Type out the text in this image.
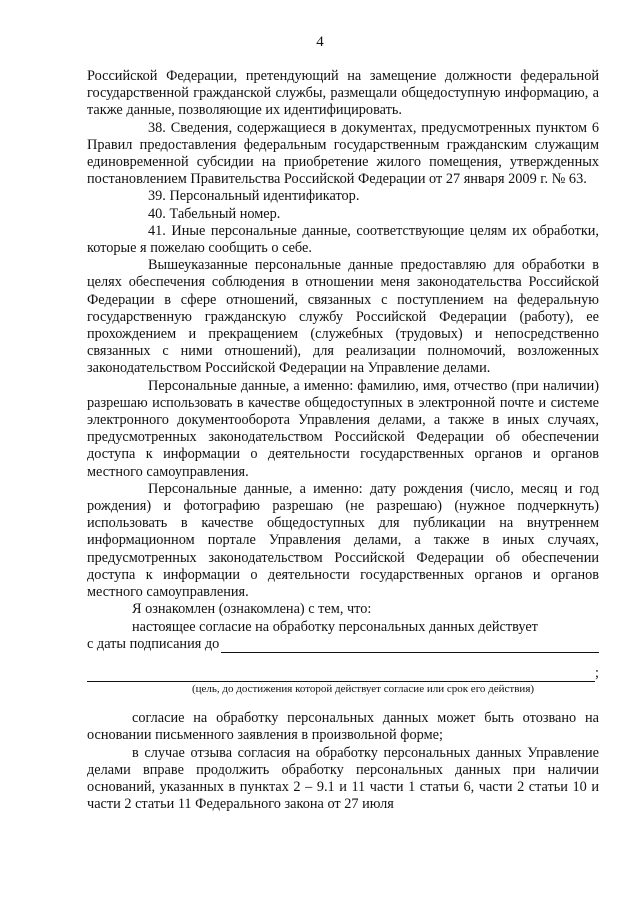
4

Российской Федерации, претендующий на замещение должности федеральной государственной гражданской службы, размещали общедоступную информацию, а также данные, позволяющие их идентифицировать.

38. Сведения, содержащиеся в документах, предусмотренных пунктом 6 Правил предоставления федеральным государственным гражданским служащим единовременной субсидии на приобретение жилого помещения, утвержденных постановлением Правительства Российской Федерации от 27 января 2009 г. № 63.

39. Персональный идентификатор.

40. Табельный номер.

41. Иные персональные данные, соответствующие целям их обработки, которые я пожелаю сообщить о себе.

Вышеуказанные персональные данные предоставляю для обработки в целях обеспечения соблюдения в отношении меня законодательства Российской Федерации в сфере отношений, связанных с поступлением на федеральную государственную гражданскую службу Российской Федерации (работу), ее прохождением и прекращением (служебных (трудовых) и непосредственно связанных с ними отношений), для реализации полномочий, возложенных законодательством Российской Федерации на Управление делами.

Персональные данные, а именно: фамилию, имя, отчество (при наличии) разрешаю использовать в качестве общедоступных в электронной почте и системе электронного документооборота Управления делами, а также в иных случаях, предусмотренных законодательством Российской Федерации об обеспечении доступа к информации о деятельности государственных органов и органов местного самоуправления.

Персональные данные, а именно: дату рождения (число, месяц и год рождения) и фотографию разрешаю (не разрешаю) (нужное подчеркнуть) использовать в качестве общедоступных для публикации на внутреннем информационном портале Управления делами, а также в иных случаях, предусмотренных законодательством Российской Федерации об обеспечении доступа к информации о деятельности государственных органов и органов местного самоуправления.

Я ознакомлен (ознакомлена) с тем, что:

настоящее согласие на обработку персональных данных действует

с даты подписания до
;
(цель, до достижения которой действует согласие или срок его действия)

согласие на обработку персональных данных может быть отозвано на основании письменного заявления в произвольной форме;

в случае отзыва согласия на обработку персональных данных Управление делами вправе продолжить обработку персональных данных при наличии оснований, указанных в пунктах 2 – 9.1 и 11 части 1 статьи 6, части 2 статьи 10 и части 2 статьи 11 Федерального закона от 27 июля
